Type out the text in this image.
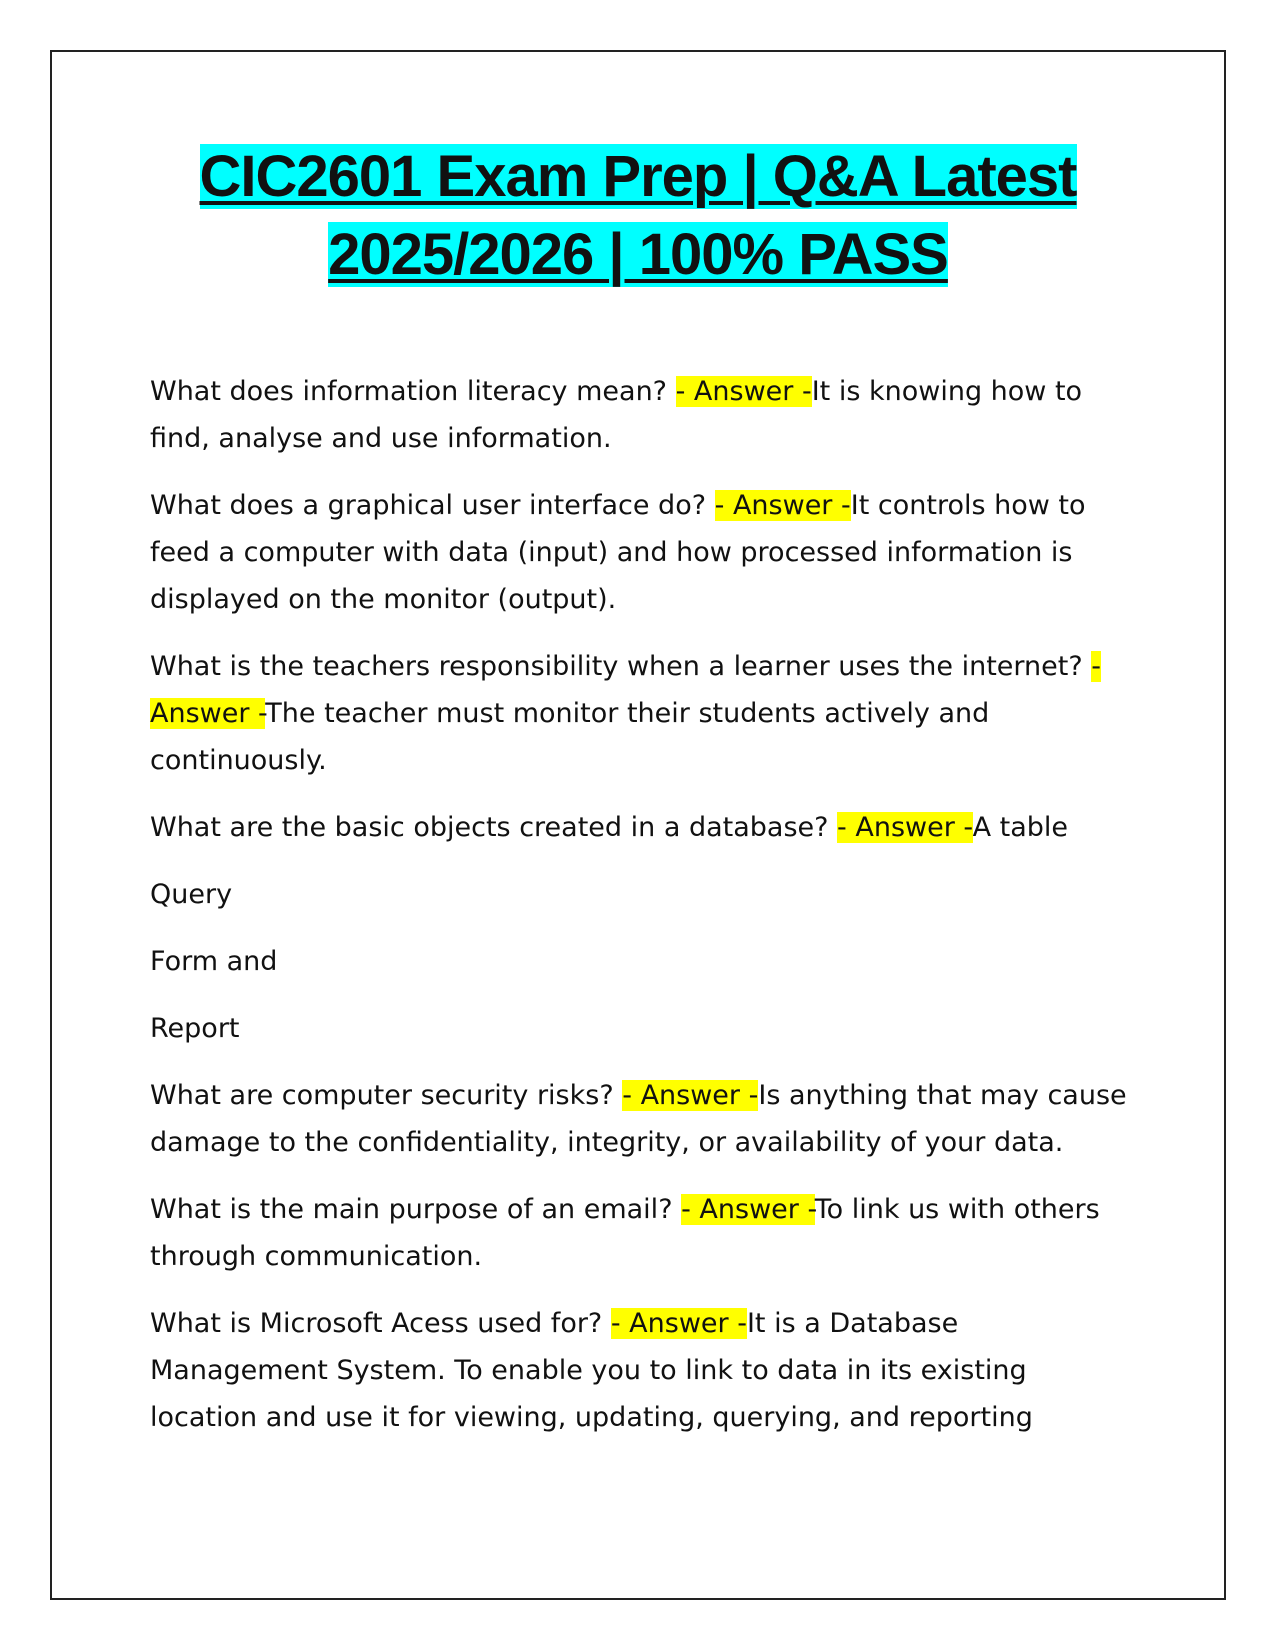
CIC2601 Exam Prep | Q&A Latest
2025/2026 | 100% PASS

What does information literacy mean? - Answer -It is knowing how to find, analyse and use information.

What does a graphical user interface do? - Answer -It controls how to feed a computer with data (input) and how processed information is displayed on the monitor (output).

What is the teachers responsibility when a learner uses the internet? - Answer -The teacher must monitor their students actively and continuously.

What are the basic objects created in a database? - Answer -A table

Query

Form and

Report

What are computer security risks? - Answer -Is anything that may cause damage to the confidentiality, integrity, or availability of your data.

What is the main purpose of an email? - Answer -To link us with others through communication.

What is Microsoft Acess used for? - Answer -It is a Database Management System. To enable you to link to data in its existing location and use it for viewing, updating, querying, and reporting
